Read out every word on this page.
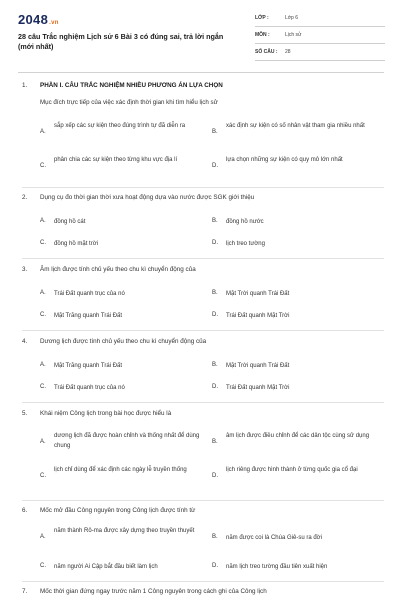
2048.vn
28 câu Trắc nghiệm Lịch sử 6 Bài 3 có đúng sai, trả lời ngắn (mới nhất)
LỚP :	Lớp 6
MÔN :	Lịch sử
SỐ CÂU : 28
1. PHẦN I. CÂU TRẮC NGHIỆM NHIỀU PHƯƠNG ÁN LỰA CHỌN
Mục đích trực tiếp của việc xác định thời gian khi tìm hiểu lịch sử
A.
sắp xếp các sự kiện theo đúng trình tự đã diễn ra
B.
xác định sự kiện có số nhân vật tham gia nhiều nhất
C.
phân chia các sự kiện theo từng khu vực địa lí
D.
lựa chọn những sự kiện có quy mô lớn nhất
2. Dụng cụ đo thời gian thời xưa hoạt động dựa vào nước được SGK giới thiệu
A. đồng hồ cát	B. đồng hồ nước
C. đồng hồ mặt trời	D. lịch treo tường
3. Âm lịch được tính chủ yếu theo chu kì chuyển động của
A. Trái Đất quanh trục của nó	B. Mặt Trời quanh Trái Đất
C. Mặt Trăng quanh Trái Đất	D. Trái Đất quanh Mặt Trời
4. Dương lịch được tính chủ yếu theo chu kì chuyển động của
A. Mặt Trăng quanh Trái Đất	B. Mặt Trời quanh Trái Đất
C. Trái Đất quanh trục của nó	D. Trái Đất quanh Mặt Trời
5. Khái niệm Công lịch trong bài học được hiểu là
A.
dương lịch đã được hoàn chỉnh và thống nhất để dùng chung
B.
âm lịch được điều chỉnh để các dân tộc cùng sử dụng
C.
lịch chỉ dùng để xác định các ngày lễ truyền thống
D.
lịch riêng được hình thành ở từng quốc gia cổ đại
6. Mốc mở đầu Công nguyên trong Công lịch được tính từ
A.
năm thành Rô-ma được xây dựng theo truyền thuyết
B. năm được coi là Chúa Giê-su ra đời
C. năm người Ai Cập bắt đầu biết làm lịch	D. năm lịch treo tường đầu tiên xuất hiện
7. Mốc thời gian đứng ngay trước năm 1 Công nguyên trong cách ghi của Công lịch
